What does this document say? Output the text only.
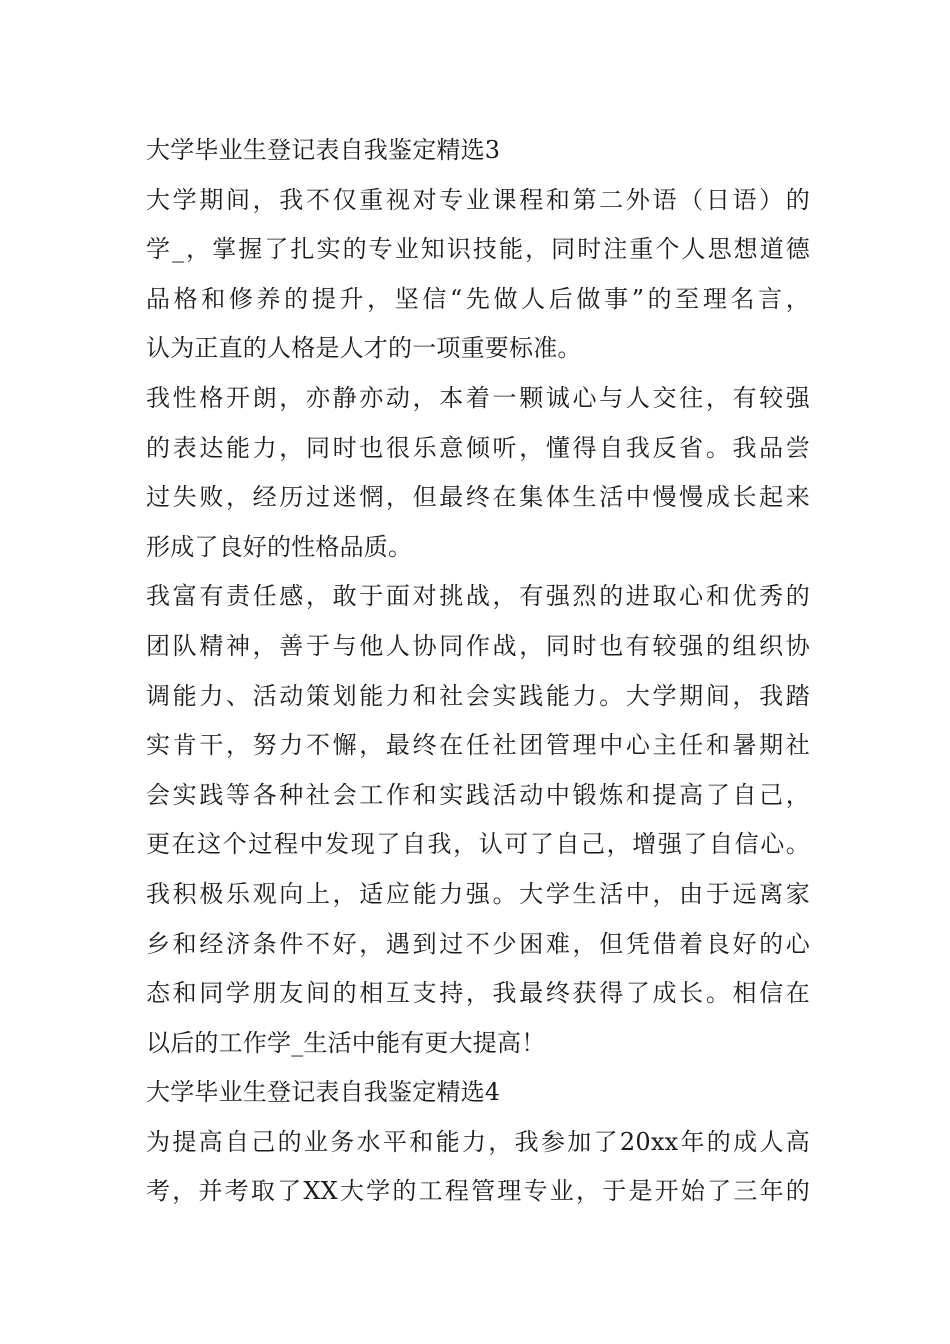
大学毕业生登记表自我鉴定精选3
大学期间，我不仅重视对专业课程和第二外语（日语）的
学_，掌握了扎实的专业知识技能，同时注重个人思想道德
品格和修养的提升，坚信“先做人后做事”的至理名言，
认为正直的人格是人才的一项重要标准。
我性格开朗，亦静亦动，本着一颗诚心与人交往，有较强
的表达能力，同时也很乐意倾听，懂得自我反省。我品尝
过失败，经历过迷惘，但最终在集体生活中慢慢成长起来
形成了良好的性格品质。
我富有责任感，敢于面对挑战，有强烈的进取心和优秀的
团队精神，善于与他人协同作战，同时也有较强的组织协
调能力、活动策划能力和社会实践能力。大学期间，我踏
实肯干，努力不懈，最终在任社团管理中心主任和暑期社
会实践等各种社会工作和实践活动中锻炼和提高了自己，
更在这个过程中发现了自我，认可了自己，增强了自信心。
我积极乐观向上，适应能力强。大学生活中，由于远离家
乡和经济条件不好，遇到过不少困难，但凭借着良好的心
态和同学朋友间的相互支持，我最终获得了成长。相信在
以后的工作学_生活中能有更大提高！
大学毕业生登记表自我鉴定精选4
为提高自己的业务水平和能力，我参加了20xx年的成人高
考，并考取了XX大学的工程管理专业，于是开始了三年的
